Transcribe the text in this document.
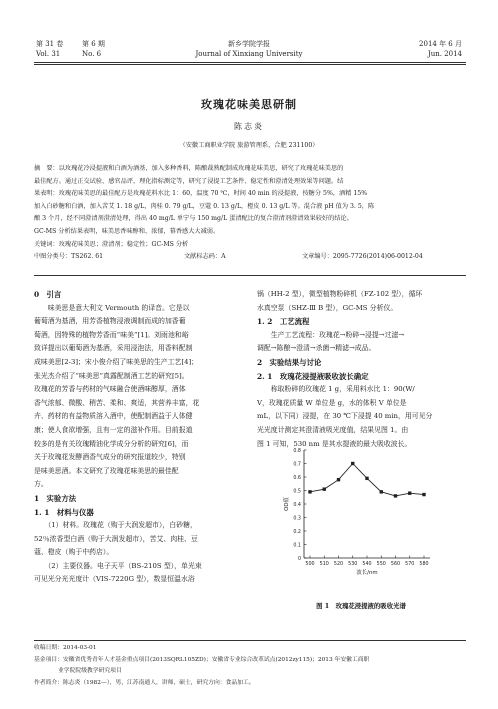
第 31 卷	第 6 期
Vol. 31	No. 6
新乡学院学报
Journal of Xinxiang University
2014 年 6 月
Jun. 2014
玫瑰花味美思研制
陈志炎
（安徽工商职业学院 旅游管理系，合肥 231100）
摘　要：以玫瑰花冷浸提液和白酒为酒基，加入多种香料，陈酿裁熟配制成玫瑰花味美思，研究了玫瑰花味美思的
最佳配方。通过正交试验、感官品评，理化指标测定等，研究了浸提工艺条件、稳定性和澄清处理效果等问题。结
果表明：玫瑰花味美思的最佳配方是玫瑰花料水比 1：60，温度 70 ℃，时间 40 min 的浸提液，按糖分 5%，酒精 15%
加入白砂糖和白酒，加入苦艾 1. 18 g/L，肉桂 0. 79 g/L，豆蔻 0. 13 g/L，橙皮 0. 13 g/L 等。混合液 pH 值为 3. 5，陈
酿 3 个月，经不同澄清剂澄清处理，得出 40 mg/L 单宁与 150 mg/L 蛋清配比的复合澄清剂澄清效果较好的结论。
GC-MS 分析结果表明，味美思香味醇和、浓郁，幕香感大大减弱。
关键词：玫瑰花味美思；澄清剂；稳定性；GC-MS 分析
中图分类号：TS262. 61	文献标志码：A	文章编号：2095-7726(2014)06-0012-04
0　引言
　　味美思是意大利文 Vermouth 的译音。它是以
葡萄酒为基酒，用芳香植物浸液调制而成的加香葡
萄酒，因特殊的植物芳香而“味美”[1]。刘雨池和峪
致详提出以葡萄酒为基酒，采用浸泡法，用香料配制
成味美思[2-3]；宋小俊介绍了味美思的生产工艺[4]；
张光杰介绍了“味美思”真露配制酒工艺的研究[5]。
玫瑰花的芳香与药材的气味融合使酒味醇厚，酒体
香气浓郁、微酸、稍苦、柔和、爽适，其营养丰富，花
卉、药材的有益物质溶入酒中，使配制酒益于人体健
康；使人食欲增强，且有一定的滋补作用。目前报道
较多的是有关玫瑰精油化学成分分析的研究[6]，而
关于玫瑰花发酵酒香气成分的研究报道较少，特别
是味美思酒。本文研究了玫瑰花味美思的最佳配
方。
1　实验方法
1. 1　材料与仪器
　　（1）材料。玫瑰花（购于大润发超市），白砂糖，
52％浓香型白酒（购于大润发超市），苦艾、肉桂、豆
蔻、橙皮（购于中药店）。
　　（2）主要仪器。电子天平（BS-210S 型），单光束
可见光分光光度计（VIS-7220G 型），数显恒温水浴
锅（HH-2 型），微型植物粉碎机（FZ-102 型），循环
水真空泵（SHZ-Ⅲ B 型），GC-MS 分析仪。
1. 2　工艺流程
　　生产工艺流程：玫瑰花→粉碎→浸提→过滤→
调配→陈酿→澄清→杀菌→精滤→成品。
2　实验结果与讨论
2. 1　玫瑰花浸提液吸收波长确定
　　称取粉碎的玫瑰花 1 g，采用料水比 1：90(W/
V，玫瑰花质量 W 单位是 g，水的体积 V 单位是
mL，以下同）浸提，在 30 ℃下浸提 40 min，用可见分
光光度计测定其澄清液吸光度值，结果见图 1。由
图 1 可知，530 nm 是其水提液的最大吸收波长。
0
0.1
0.2
0.3
0.4
0.5
0.6
0.7
0.8
500 510 520 530 540 550 560 570 580
波长/nm
OD值
图 1　玫瑰花浸提液的吸收光谱
收稿日期：2014-03-01
基金项目：安徽省优秀青年人才基金重点项目(2013SQRL105ZD)；安徽省专业综合改革试点(2012zy115)；2013 年安徽工商职
业学院院级教学研究项目
作者简介：陈志炎（1982—），男，江苏南通人，讲师，硕士，研究方向：食品加工。
